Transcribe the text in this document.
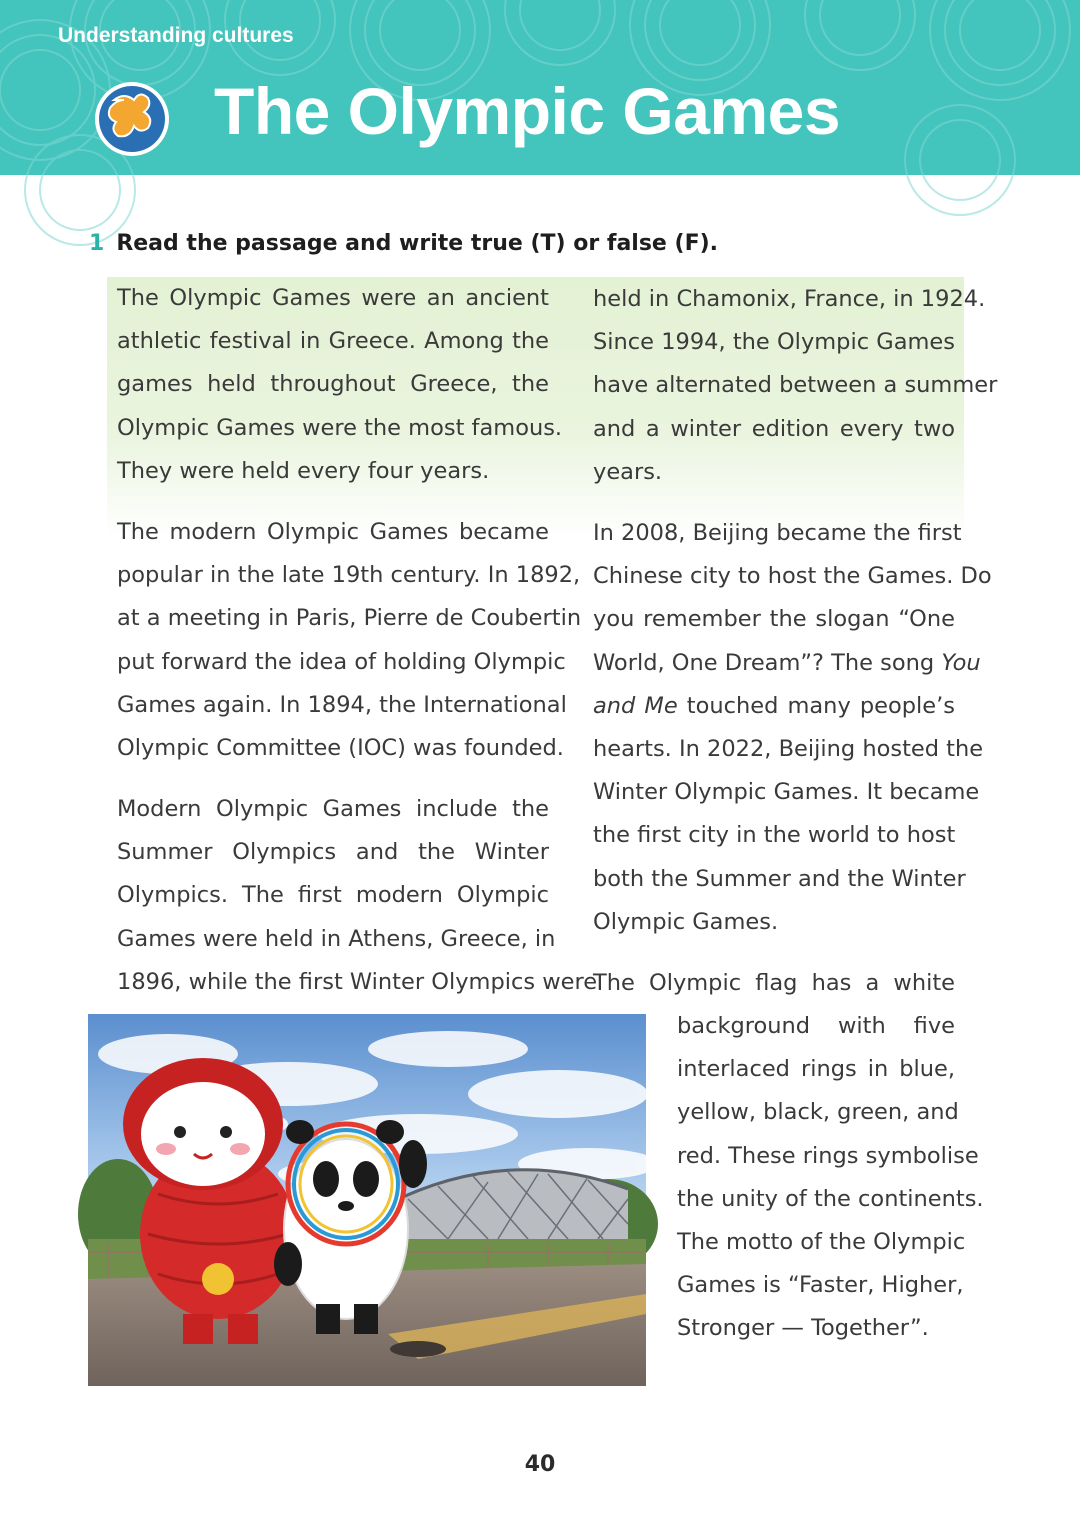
Understanding cultures
The Olympic Games
1 Read the passage and write true (T) or false (F).
The Olympic Games were an ancient
athletic festival in Greece. Among the
games held throughout Greece, the
Olympic Games were the most famous.
They were held every four years.
The modern Olympic Games became
popular in the late 19th century. In 1892,
at a meeting in Paris, Pierre de Coubertin
put forward the idea of holding Olympic
Games again. In 1894, the International
Olympic Committee (IOC) was founded.
Modern Olympic Games include the
Summer Olympics and the Winter
Olympics. The first modern Olympic
Games were held in Athens, Greece, in
1896, while the first Winter Olympics were
held in Chamonix, France, in 1924.
Since 1994, the Olympic Games
have alternated between a summer
and a winter edition every two
years.
In 2008, Beijing became the first
Chinese city to host the Games. Do
you remember the slogan “One
World, One Dream”? The song You
and Me touched many people’s
hearts. In 2022, Beijing hosted the
Winter Olympic Games. It became
the first city in the world to host
both the Summer and the Winter
Olympic Games.
The Olympic flag has a white
background with five
interlaced rings in blue,
yellow, black, green, and
red. These rings symbolise
the unity of the continents.
The motto of the Olympic
Games is “Faster, Higher,
Stronger — Together”.
40
